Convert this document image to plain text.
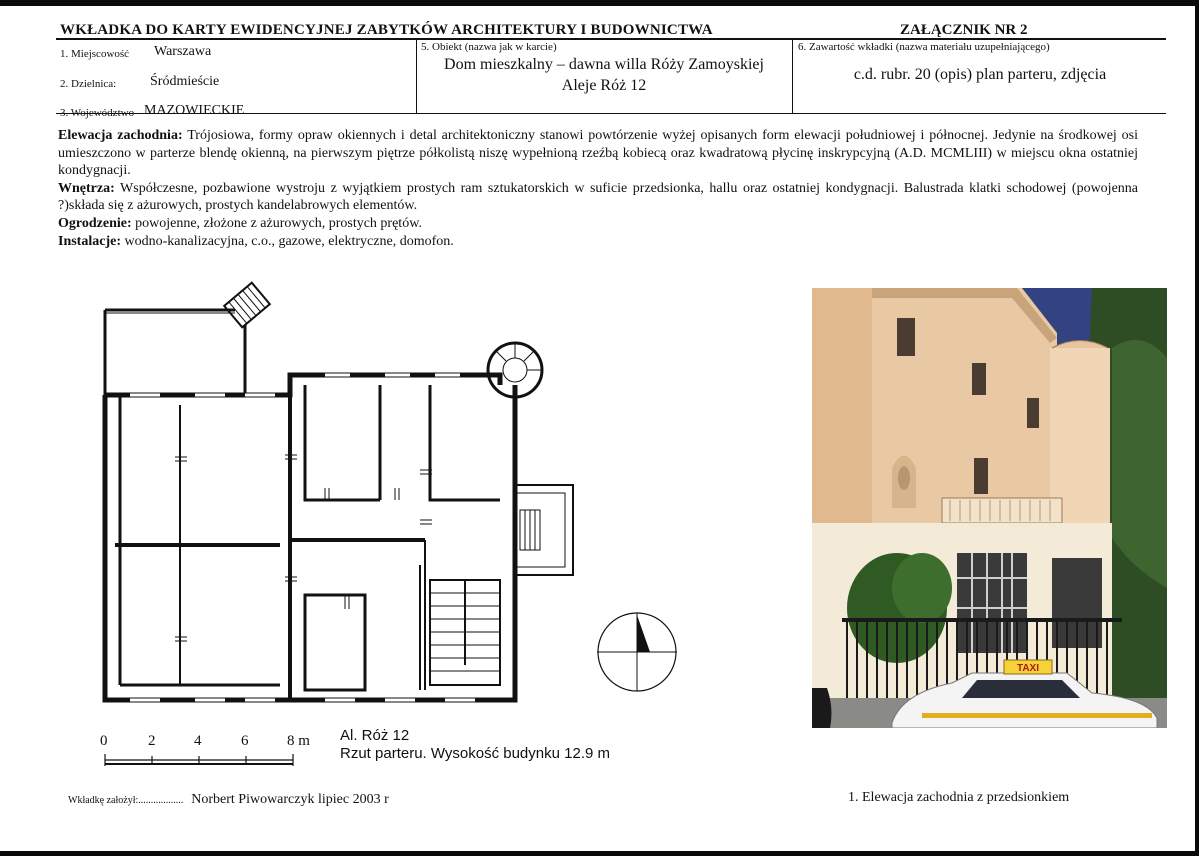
WKŁADKA DO KARTY EWIDENCYJNEJ ZABYTKÓW ARCHITEKTURY I BUDOWNICTWA	ZAŁĄCZNIK NR 2
1. Miejscowość Warszawa
2. Dzielnica: Śródmieście
3. Województwo MAZOWIECKIE
5. Obiekt (nazwa jak w karcie)
Dom mieszkalny – dawna willa Róży Zamoyskiej
Aleje Róż 12
6. Zawartość wkładki (nazwa materiału uzupełniającego)
c.d. rubr. 20 (opis) plan parteru, zdjęcia

Elewacja zachodnia: Trójosiowa, formy opraw okiennych i detal architektoniczny stanowi powtórzenie wyżej opisanych form elewacji południowej i północnej. Jedynie na środkowej osi umieszczono w parterze blendę okienną, na pierwszym piętrze półkolistą niszę wypełnioną rzeźbą kobiecą oraz kwadratową płycinę inskrypcyjną (A.D. MCMLIII) w miejscu okna ostatniej kondygnacji.

Wnętrza: Współczesne, pozbawione wystroju z wyjątkiem prostych ram sztukatorskich w suficie przedsionka, hallu oraz ostatniej kondygnacji. Balustrada klatki schodowej (powojenna ?)składa się z ażurowych, prostych kandelabrowych elementów.

Ogrodzenie: powojenne, złożone z ażurowych, prostych prętów.

Instalacje: wodno-kanalizacyjna, c.o., gazowe, elektryczne, domofon.

0	2	4	6	8 m Al. Róż 12
Rzut parteru. Wysokość budynku 12.9 m
TAXI
1. Elewacja zachodnia z przedsionkiem
Wkładkę założył:.................. Norbert Piwowarczyk lipiec 2003 r
